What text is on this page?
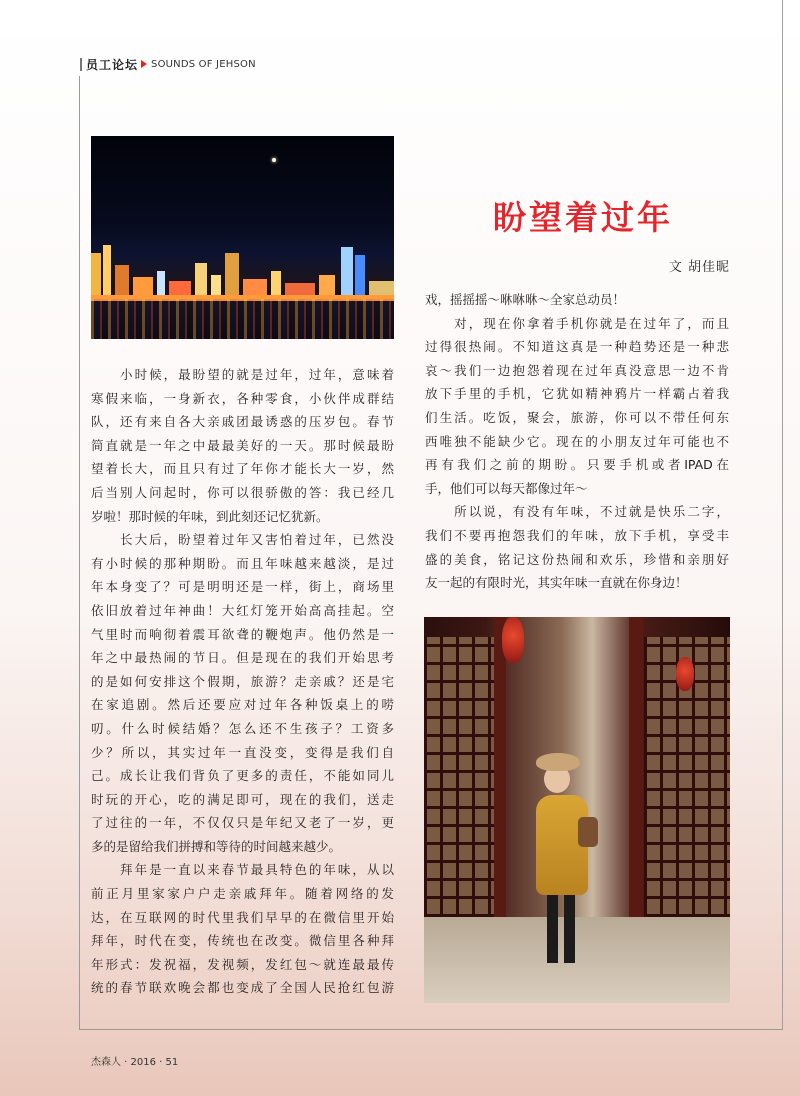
员工论坛 SOUNDS OF JEHSON
盼望着过年
文 胡佳昵
　　小时候，最盼望的就是过年，过年，意味着
寒假来临，一身新衣，各种零食，小伙伴成群结
队，还有来自各大亲戚团最诱惑的压岁包。春节
简直就是一年之中最最美好的一天。那时候最盼
望着长大，而且只有过了年你才能长大一岁，然
后当别人问起时，你可以很骄傲的答：我已经几
岁啦！那时候的年味，到此刻还记忆犹新。
　　长大后，盼望着过年又害怕着过年，已然没
有小时候的那种期盼。而且年味越来越淡，是过
年本身变了？可是明明还是一样，街上，商场里
依旧放着过年神曲！大红灯笼开始高高挂起。空
气里时而响彻着震耳欲聋的鞭炮声。他仍然是一
年之中最热闹的节日。但是现在的我们开始思考
的是如何安排这个假期，旅游？走亲戚？还是宅
在家追剧。然后还要应对过年各种饭桌上的唠
叨。什么时候结婚？怎么还不生孩子？工资多
少？所以，其实过年一直没变，变得是我们自
己。成长让我们背负了更多的责任，不能如同儿
时玩的开心，吃的满足即可，现在的我们，送走
了过往的一年，不仅仅只是年纪又老了一岁，更
多的是留给我们拼搏和等待的时间越来越少。
　　拜年是一直以来春节最具特色的年味，从以
前正月里家家户户走亲戚拜年。随着网络的发
达，在互联网的时代里我们早早的在微信里开始
拜年，时代在变，传统也在改变。微信里各种拜
年形式：发祝福，发视频，发红包～就连最最传
统的春节联欢晚会都也变成了全国人民抢红包游
戏，摇摇摇～咻咻咻～全家总动员！
　　对，现在你拿着手机你就是在过年了，而且
过得很热闹。不知道这真是一种趋势还是一种悲
哀～我们一边抱怨着现在过年真没意思一边不肯
放下手里的手机，它犹如精神鸦片一样霸占着我
们生活。吃饭，聚会，旅游，你可以不带任何东
西唯独不能缺少它。现在的小朋友过年可能也不
再有我们之前的期盼。只要手机或者IPAD在
手，他们可以每天都像过年～
　　所以说，有没有年味，不过就是快乐二字，
我们不要再抱怨我们的年味，放下手机，享受丰
盛的美食，铭记这份热闹和欢乐，珍惜和亲朋好
友一起的有限时光，其实年味一直就在你身边！
杰森人 · 2016 · 51
